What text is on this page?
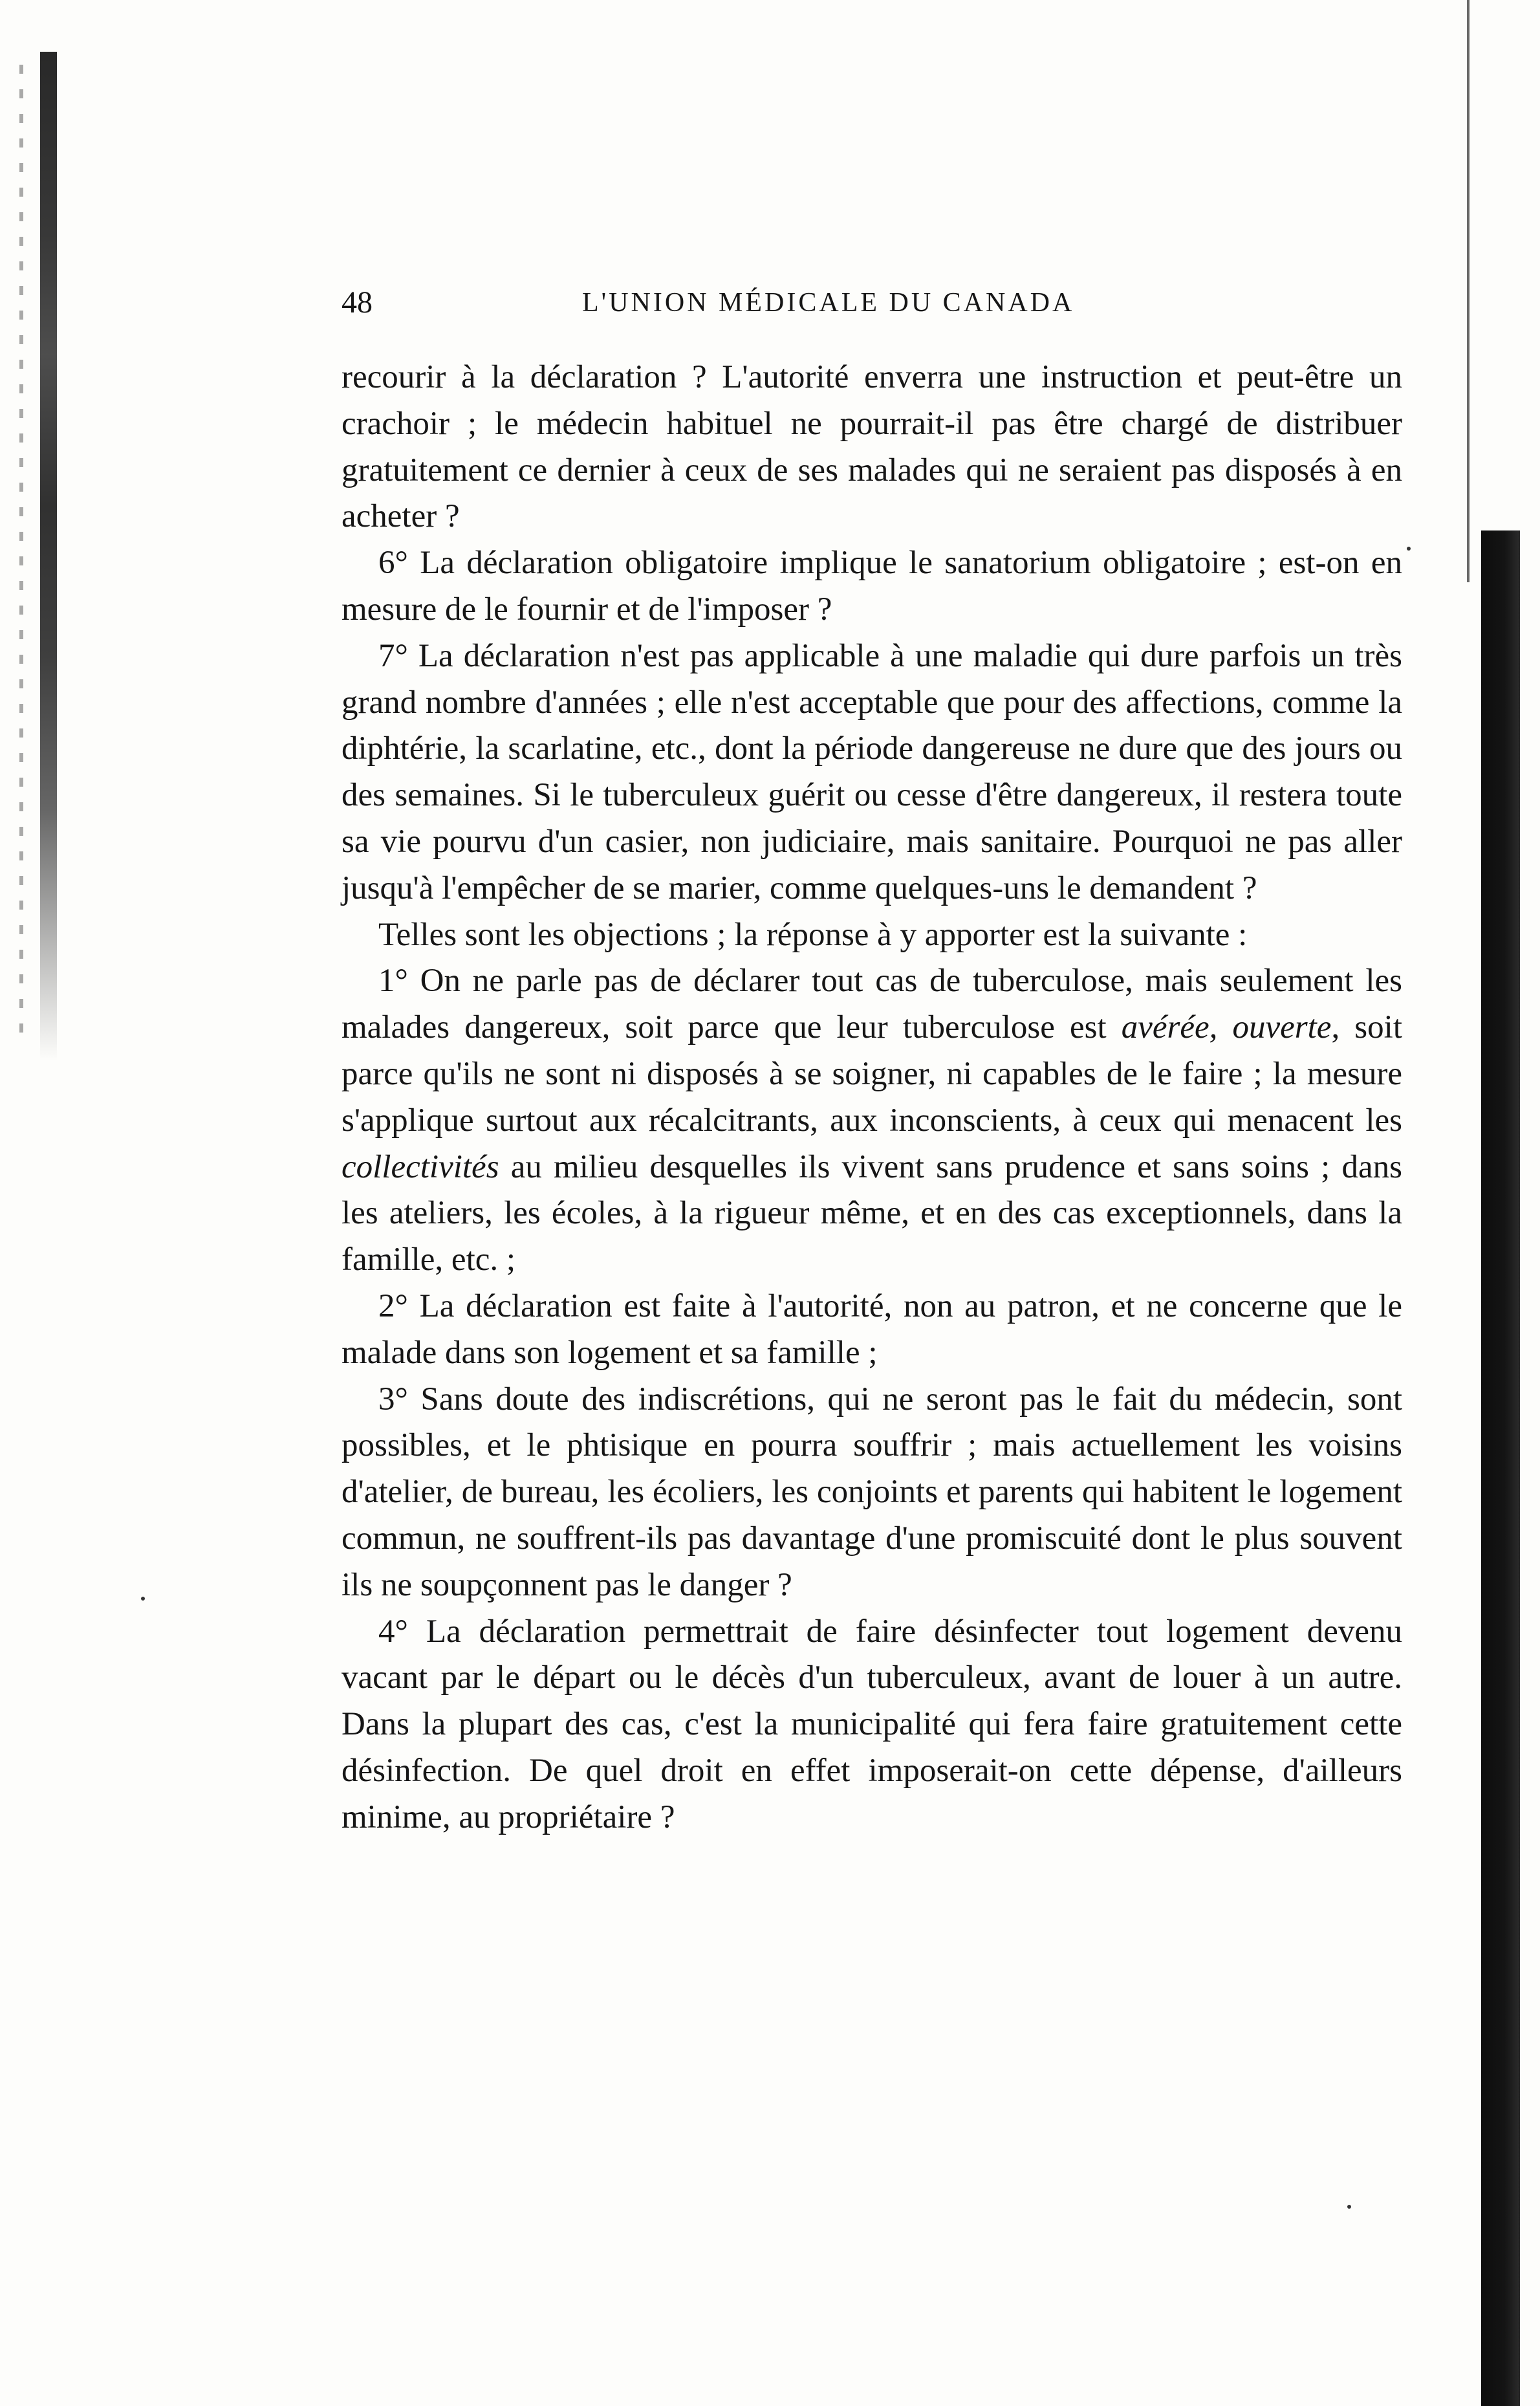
48	L'UNION MÉDICALE DU CANADA

recourir à la déclaration ? L'autorité enverra une instruction et peut-être un crachoir ; le médecin habituel ne pourrait-il pas être chargé de distribuer gratuitement ce dernier à ceux de ses malades qui ne seraient pas disposés à en acheter ?

6° La déclaration obligatoire implique le sanatorium obligatoire ; est-on en mesure de le fournir et de l'imposer ?

7° La déclaration n'est pas applicable à une maladie qui dure parfois un très grand nombre d'années ; elle n'est acceptable que pour des affections, comme la diphtérie, la scarlatine, etc., dont la période dangereuse ne dure que des jours ou des semaines. Si le tuberculeux guérit ou cesse d'être dangereux, il restera toute sa vie pourvu d'un casier, non judiciaire, mais sanitaire. Pourquoi ne pas aller jusqu'à l'empêcher de se marier, comme quelques-uns le demandent ?

Telles sont les objections ; la réponse à y apporter est la suivante :

1° On ne parle pas de déclarer tout cas de tuberculose, mais seulement les malades dangereux, soit parce que leur tuberculose est avérée, ouverte, soit parce qu'ils ne sont ni disposés à se soigner, ni capables de le faire ; la mesure s'applique surtout aux récalcitrants, aux inconscients, à ceux qui menacent les collectivités au milieu desquelles ils vivent sans prudence et sans soins ; dans les ateliers, les écoles, à la rigueur même, et en des cas exceptionnels, dans la famille, etc. ;

2° La déclaration est faite à l'autorité, non au patron, et ne concerne que le malade dans son logement et sa famille ;

3° Sans doute des indiscrétions, qui ne seront pas le fait du médecin, sont possibles, et le phtisique en pourra souffrir ; mais actuellement les voisins d'atelier, de bureau, les écoliers, les conjoints et parents qui habitent le logement commun, ne souffrent-ils pas davantage d'une promiscuité dont le plus souvent ils ne soupçonnent pas le danger ?

4° La déclaration permettrait de faire désinfecter tout logement devenu vacant par le départ ou le décès d'un tuberculeux, avant de louer à un autre. Dans la plupart des cas, c'est la municipalité qui fera faire gratuitement cette désinfection. De quel droit en effet imposerait-on cette dépense, d'ailleurs minime, au propriétaire ?
